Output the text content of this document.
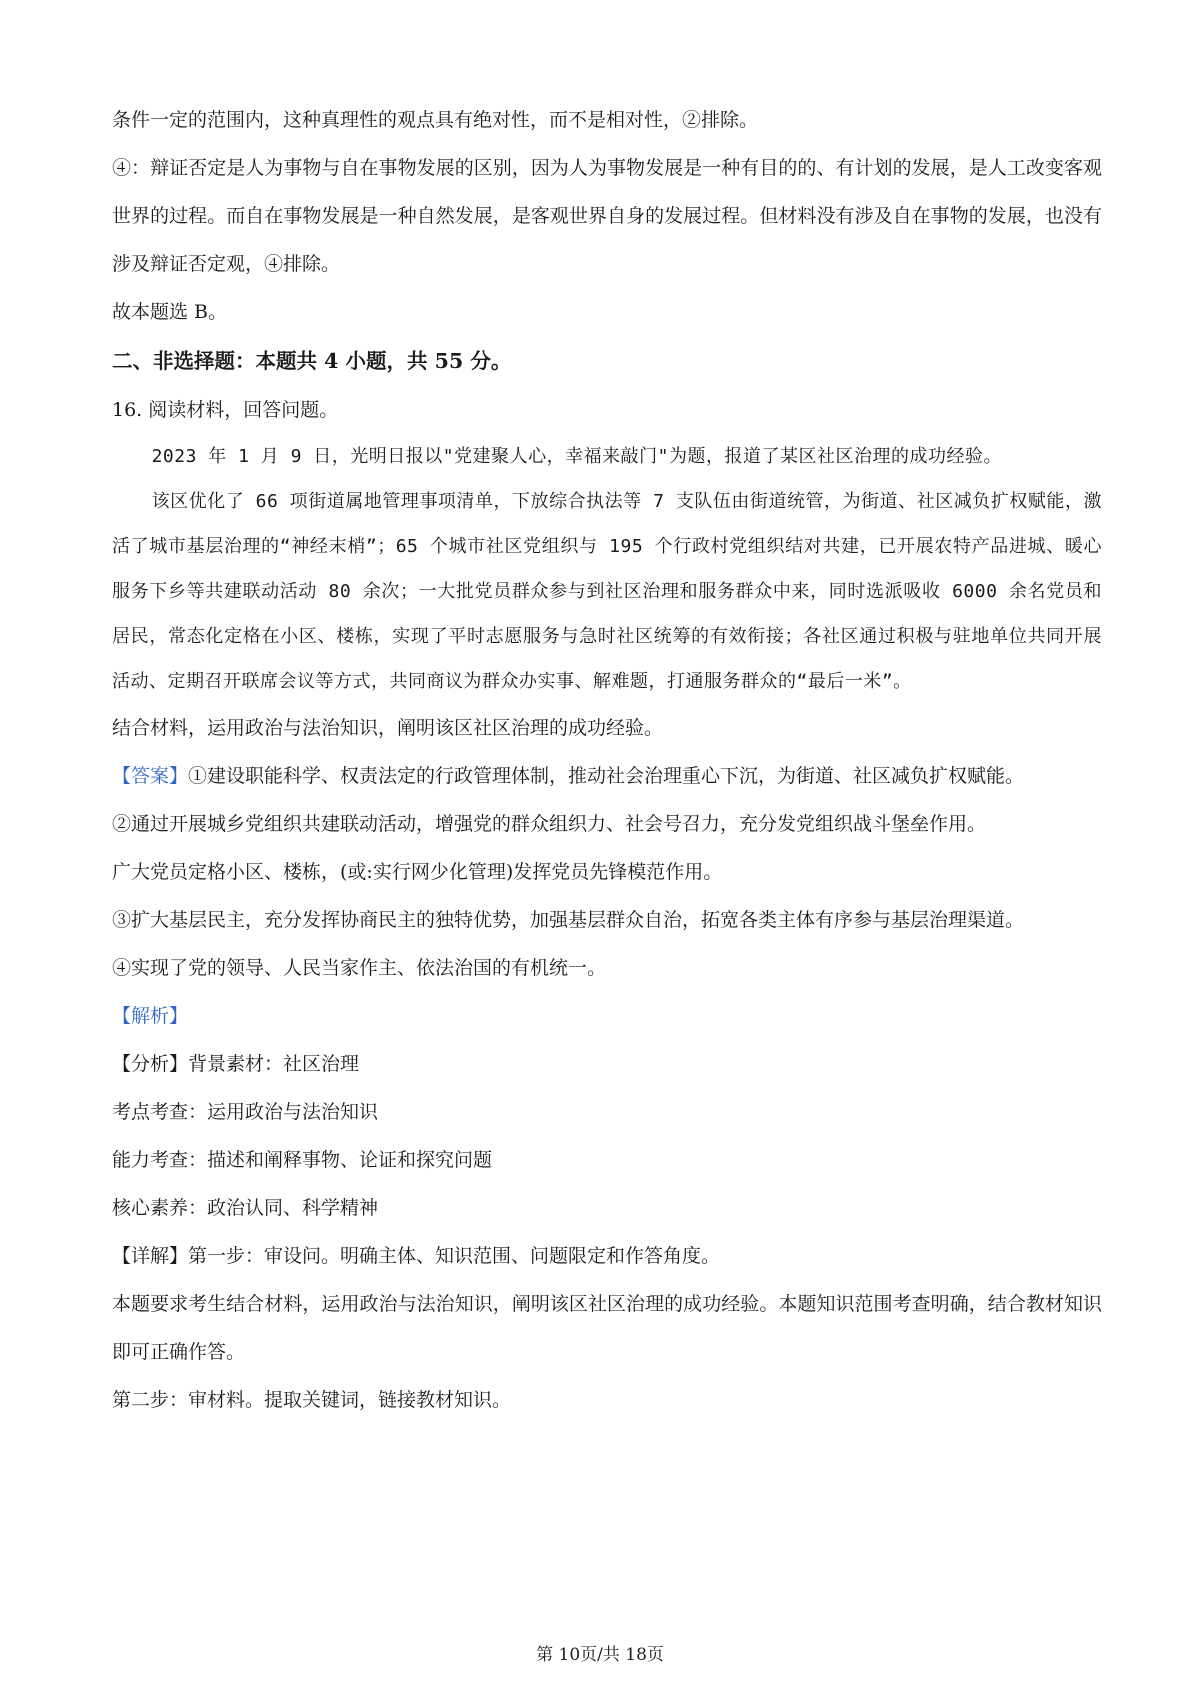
条件一定的范围内，这种真理性的观点具有绝对性，而不是相对性，②排除。

④：辩证否定是人为事物与自在事物发展的区别，因为人为事物发展是一种有目的的、有计划的发展，是人工改变客观世界的过程。而自在事物发展是一种自然发展，是客观世界自身的发展过程。但材料没有涉及自在事物的发展，也没有涉及辩证否定观，④排除。

故本题选 B。

二、非选择题：本题共 4 小题，共 55 分。

16. 阅读材料，回答问题。

2023 年 1 月 9 日，光明日报以"党建聚人心，幸福来敲门"为题，报道了某区社区治理的成功经验。

该区优化了 66 项街道属地管理事项清单，下放综合执法等 7 支队伍由街道统管，为街道、社区减负扩权赋能，激活了城市基层治理的“神经末梢”；65 个城市社区党组织与 195 个行政村党组织结对共建，已开展农特产品进城、暖心服务下乡等共建联动活动 80 余次；一大批党员群众参与到社区治理和服务群众中来，同时选派吸收 6000 余名党员和居民，常态化定格在小区、楼栋，实现了平时志愿服务与急时社区统筹的有效衔接；各社区通过积极与驻地单位共同开展活动、定期召开联席会议等方式，共同商议为群众办实事、解难题，打通服务群众的“最后一米”。

结合材料，运用政治与法治知识，阐明该区社区治理的成功经验。

【答案】①建设职能科学、权责法定的行政管理体制，推动社会治理重心下沉，为街道、社区减负扩权赋能。

②通过开展城乡党组织共建联动活动，增强党的群众组织力、社会号召力，充分发党组织战斗堡垒作用。

广大党员定格小区、楼栋，(或:实行网少化管理)发挥党员先锋模范作用。

③扩大基层民主，充分发挥协商民主的独特优势，加强基层群众自治，拓宽各类主体有序参与基层治理渠道。

④实现了党的领导、人民当家作主、依法治国的有机统一。

【解析】

【分析】背景素材：社区治理

考点考查：运用政治与法治知识

能力考查：描述和阐释事物、论证和探究问题

核心素养：政治认同、科学精神

【详解】第一步：审设问。明确主体、知识范围、问题限定和作答角度。

本题要求考生结合材料，运用政治与法治知识，阐明该区社区治理的成功经验。本题知识范围考查明确，结合教材知识即可正确作答。

第二步：审材料。提取关键词，链接教材知识。

第 10页/共 18页
